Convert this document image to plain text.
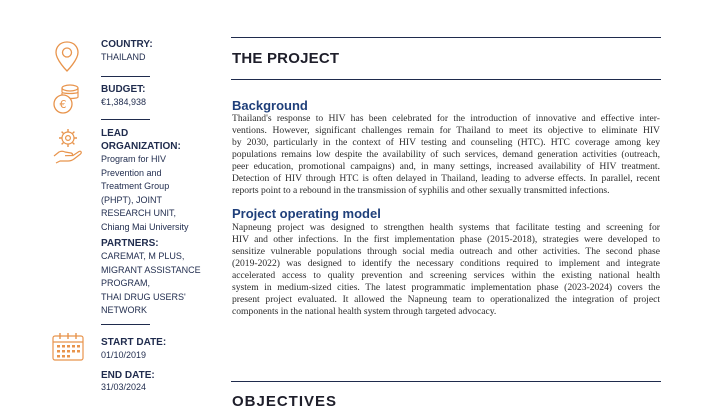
COUNTRY:
THAILAND
€
BUDGET:
€1,384,938
LEAD
ORGANIZATION:
Program for HIV
Prevention and
Treatment Group
(PHPT), JOINT
RESEARCH UNIT,
Chiang Mai University
PARTNERS:
CAREMAT, M PLUS,
MIGRANT ASSISTANCE
PROGRAM,
THAI DRUG USERS'
NETWORK
START DATE:
01/10/2019
END DATE:
31/03/2024
THE PROJECT
Background
Thailand's response to HIV has been celebrated for the introduction of innovative and effective inter-
ventions. However, significant challenges remain for Thailand to meet its objective to eliminate HIV
by 2030, particularly in the context of HIV testing and counseling (HTC). HTC coverage among key
populations remains low despite the availability of such services, demand generation activities (outreach,
peer education, promotional campaigns) and, in many settings, increased availability of HIV treatment.
Detection of HIV through HTC is often delayed in Thailand, leading to adverse effects. In parallel, recent
reports point to a rebound in the transmission of syphilis and other sexually transmitted infections.
Project operating model
Napneung project was designed to strengthen health systems that facilitate testing and screening for
HIV and other infections. In the first implementation phase (2015-2018), strategies were developed to
sensitize vulnerable populations through social media outreach and other activities. The second phase
(2019-2022) was designed to identify the necessary conditions required to implement and integrate
accelerated access to quality prevention and screening services within the existing national health
system in medium-sized cities. The latest programmatic implementation phase (2023-2024) covers the
present project evaluated. It allowed the Napneung team to operationalized the integration of project
components in the national health system through targeted advocacy.
OBJECTIVES
